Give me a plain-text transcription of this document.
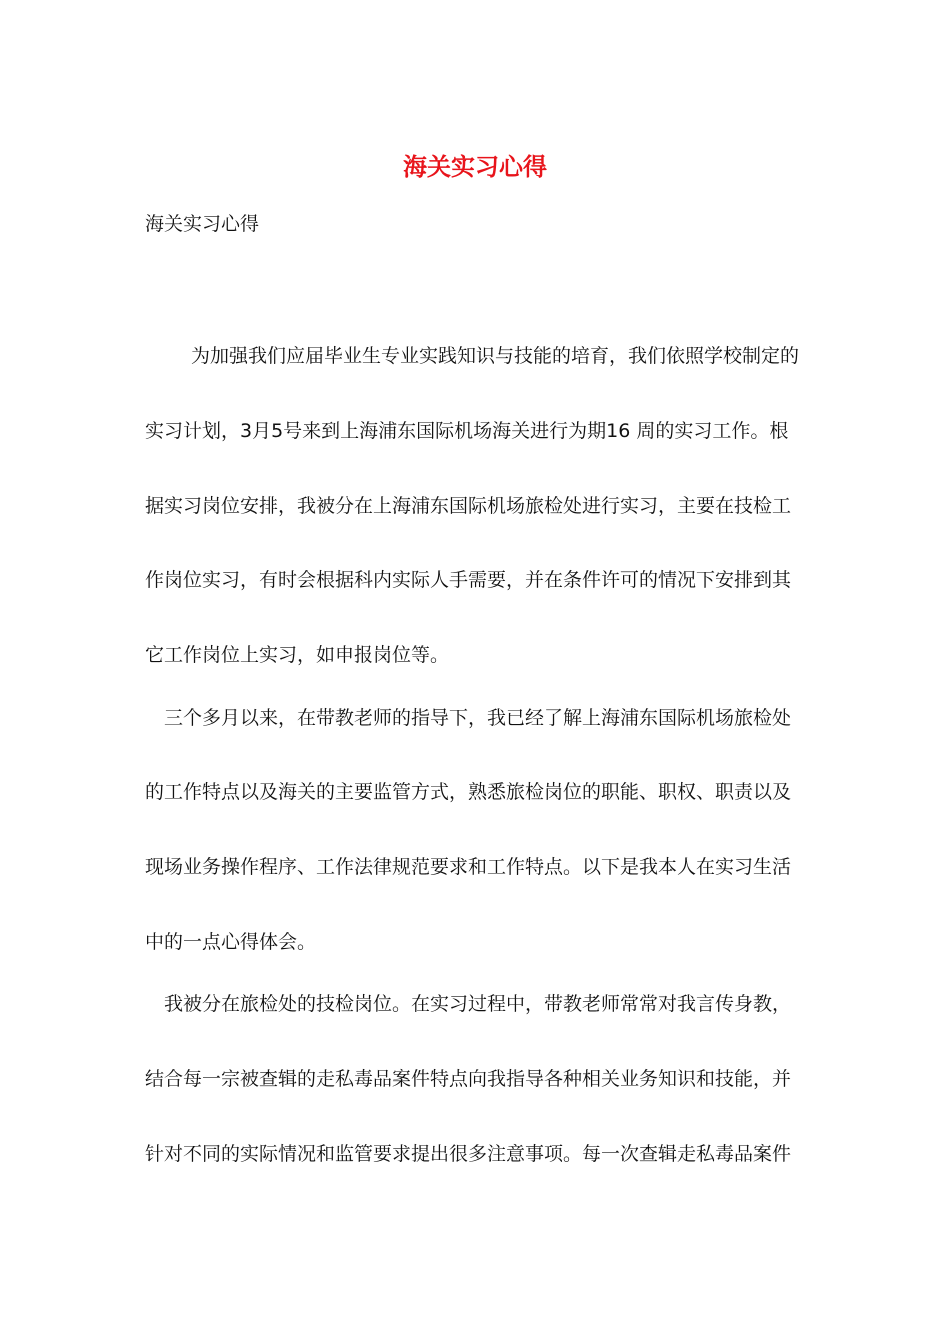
海关实习心得
海关实习心得
为加强我们应届毕业生专业实践知识与技能的培育，我们依照学校制定的
实习计划，3月5号来到上海浦东国际机场海关进行为期16 周的实习工作。根
据实习岗位安排，我被分在上海浦东国际机场旅检处进行实习，主要在技检工
作岗位实习，有时会根据科内实际人手需要，并在条件许可的情况下安排到其
它工作岗位上实习，如申报岗位等。
三个多月以来，在带教老师的指导下，我已经了解上海浦东国际机场旅检处
的工作特点以及海关的主要监管方式，熟悉旅检岗位的职能、职权、职责以及
现场业务操作程序、工作法律规范要求和工作特点。以下是我本人在实习生活
中的一点心得体会。
我被分在旅检处的技检岗位。在实习过程中，带教老师常常对我言传身教，
结合每一宗被查辑的走私毒品案件特点向我指导各种相关业务知识和技能，并
针对不同的实际情况和监管要求提出很多注意事项。每一次查辑走私毒品案件
